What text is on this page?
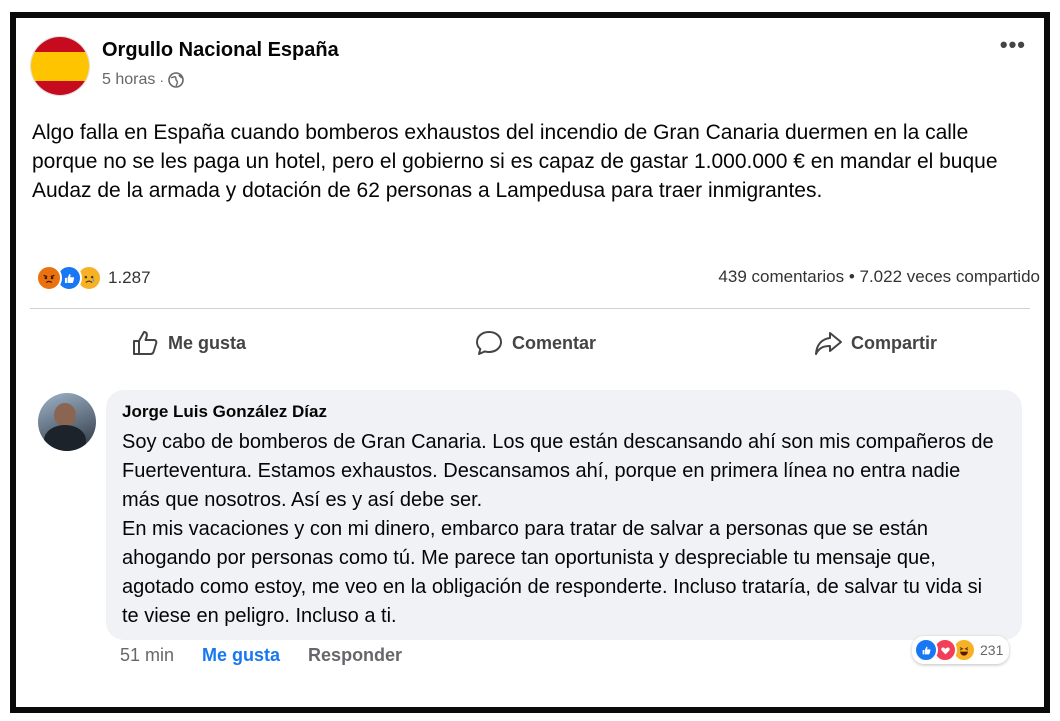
Orgullo Nacional España
5 horas ·
•••
Algo falla en España cuando bomberos exhaustos del incendio de Gran Canaria duermen en la calle porque no se les paga un hotel, pero el gobierno si es capaz de gastar 1.000.000 € en mandar el buque Audaz de la armada y dotación de 62 personas a Lampedusa para traer inmigrantes.
1.287	439 comentarios • 7.022 veces compartido
Me gusta	Comentar	Compartir
Jorge Luis González Díaz

Soy cabo de bomberos de Gran Canaria. Los que están descansando ahí son mis compañeros de Fuerteventura. Estamos exhaustos. Descansamos ahí, porque en primera línea no entra nadie más que nosotros. Así es y así debe ser.

En mis vacaciones y con mi dinero, embarco para tratar de salvar a personas que se están ahogando por personas como tú. Me parece tan oportunista y despreciable tu mensaje que, agotado como estoy, me veo en la obligación de responderte. Incluso trataría, de salvar tu vida si te viese en peligro. Incluso a ti.

51 min Me gusta Responder	231
